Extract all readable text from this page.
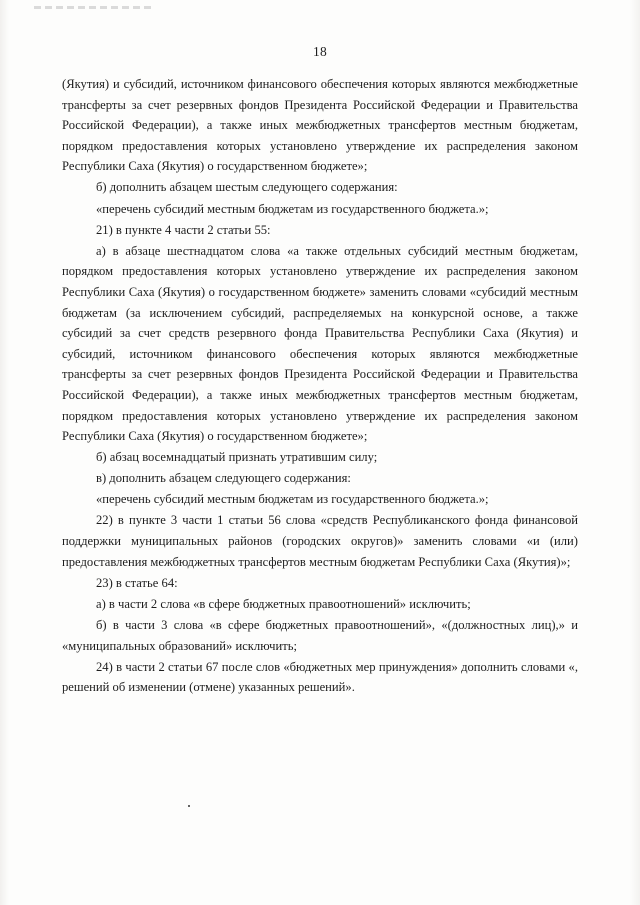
18

(Якутия) и субсидий, источником финансового обеспечения которых являются межбюджетные трансферты за счет резервных фондов Президента Российской Федерации и Правительства Российской Федерации), а также иных межбюджетных трансфертов местным бюджетам, порядком предоставления которых установлено утверждение их распределения законом Республики Саха (Якутия) о государственном бюджете»;

б) дополнить абзацем шестым следующего содержания:

«перечень субсидий местным бюджетам из государственного бюджета.»;

21) в пункте 4 части 2 статьи 55:

а) в абзаце шестнадцатом слова «а также отдельных субсидий местным бюджетам, порядком предоставления которых установлено утверждение их распределения законом Республики Саха (Якутия) о государственном бюджете» заменить словами «субсидий местным бюджетам (за исключением субсидий, распределяемых на конкурсной основе, а также субсидий за счет средств резервного фонда Правительства Республики Саха (Якутия) и субсидий, источником финансового обеспечения которых являются межбюджетные трансферты за счет резервных фондов Президента Российской Федерации и Правительства Российской Федерации), а также иных межбюджетных трансфертов местным бюджетам, порядком предоставления которых установлено утверждение их распределения законом Республики Саха (Якутия) о государственном бюджете»;

б) абзац восемнадцатый признать утратившим силу;

в) дополнить абзацем следующего содержания:

«перечень субсидий местным бюджетам из государственного бюджета.»;

22) в пункте 3 части 1 статьи 56 слова «средств Республиканского фонда финансовой поддержки муниципальных районов (городских округов)» заменить словами «и (или) предоставления межбюджетных трансфертов местным бюджетам Республики Саха (Якутия)»;

23) в статье 64:

а) в части 2 слова «в сфере бюджетных правоотношений» исключить;

б) в части 3 слова «в сфере бюджетных правоотношений», «(должностных лиц),» и «муниципальных образований» исключить;

24) в части 2 статьи 67 после слов «бюджетных мер принуждения» дополнить словами «, решений об изменении (отмене) указанных решений».
